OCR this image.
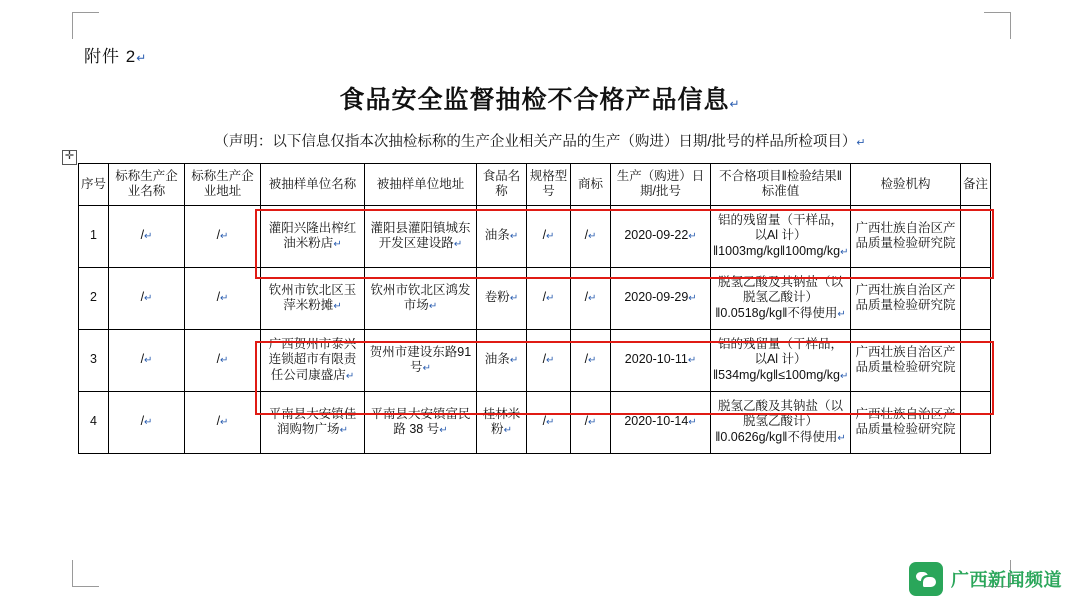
附件 2↵
食品安全监督抽检不合格产品信息↵
（声明：以下信息仅指本次抽检标称的生产企业相关产品的生产（购进）日期/批号的样品所检项目）↵
✛
序号	标称生产企业名称	标称生产企业地址	被抽样单位名称	被抽样单位地址	食品名称	规格型号	商标	生产（购进）日期/批号	不合格项目‖检验结果‖标准值	检验机构	备注
1	/↵	/↵	灌阳兴隆出榨红油米粉店↵	灌阳县灌阳镇城东开发区建设路↵	油条↵	/↵	/↵	2020-09-22↵	铝的残留量（干样品，以Al 计）‖1003mg/kg‖100mg/kg↵	广西壮族自治区产品质量检验研究院	
2	/↵	/↵	钦州市钦北区玉萍米粉摊↵	钦州市钦北区鸿发市场↵	卷粉↵	/↵	/↵	2020-09-29↵	脱氢乙酸及其钠盐（以脱氢乙酸计）‖0.0518g/kg‖不得使用↵	广西壮族自治区产品质量检验研究院	
3	/↵	/↵	广西贺州市泰兴连锁超市有限责任公司康盛店↵	贺州市建设东路91号↵	油条↵	/↵	/↵	2020-10-11↵	铝的残留量（干样品，以Al 计）‖534mg/kg‖≤100mg/kg↵	广西壮族自治区产品质量检验研究院	
4	/↵	/↵	平南县大安镇佳润购物广场↵	平南县大安镇富民路 38 号↵	桂林米粉↵	/↵	/↵	2020-10-14↵	脱氢乙酸及其钠盐（以脱氢乙酸计）‖0.0626g/kg‖不得使用↵	广西壮族自治区产品质量检验研究院	
广西新闻频道
